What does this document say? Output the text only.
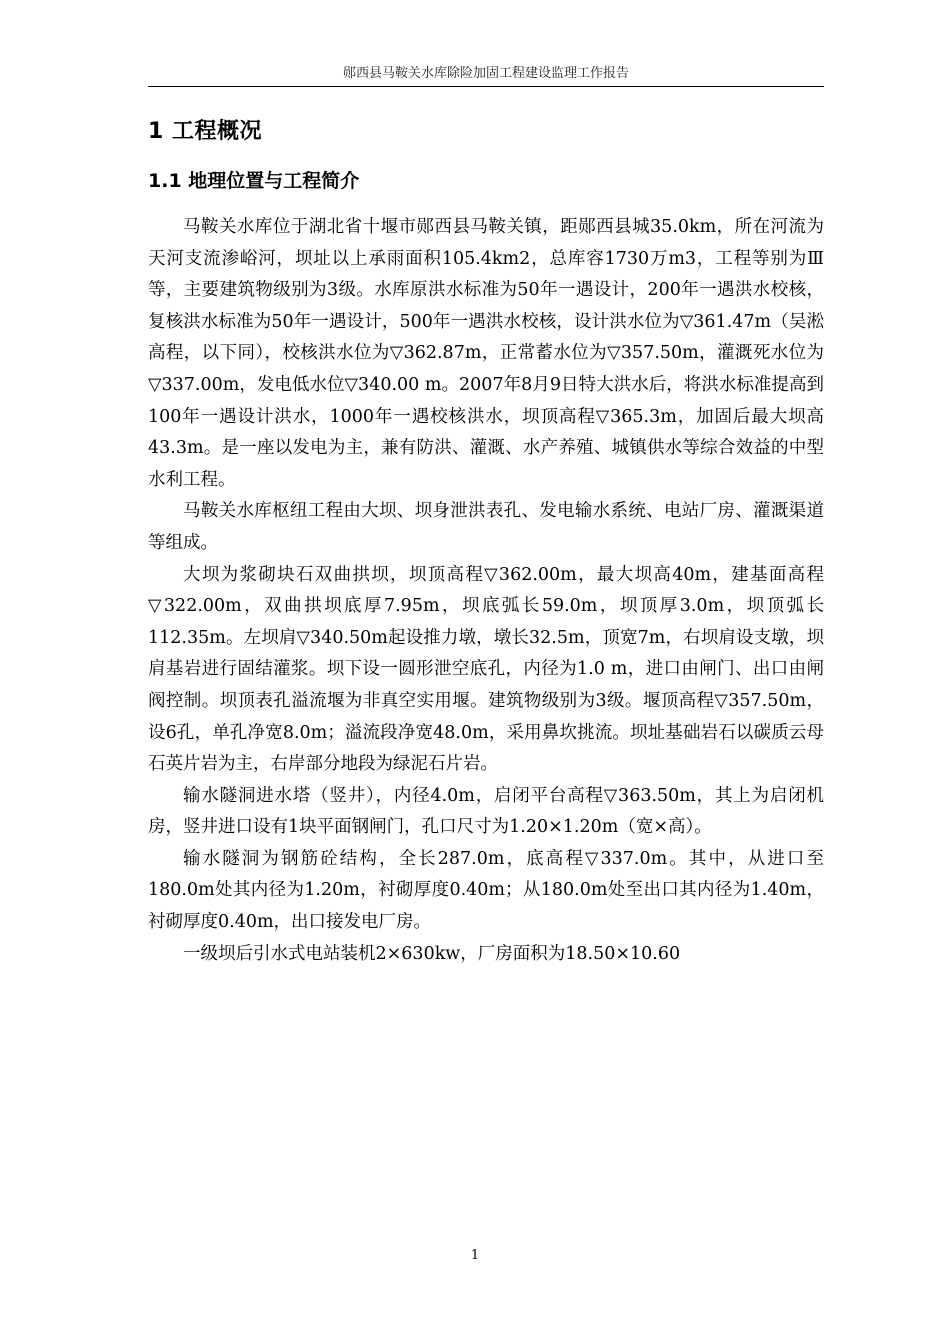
郧西县马鞍关水库除险加固工程建设监理工作报告
1 工程概况
1.1 地理位置与工程简介

马鞍关水库位于湖北省十堰市郧西县马鞍关镇，距郧西县城35.0km，所在河流为天河支流渗峪河，坝址以上承雨面积105.4km2，总库容1730万m3，工程等别为Ⅲ等，主要建筑物级别为3级。水库原洪水标准为50年一遇设计，200年一遇洪水校核，复核洪水标准为50年一遇设计，500年一遇洪水校核，设计洪水位为▽361.47m（吴淞高程，以下同），校核洪水位为▽362.87m，正常蓄水位为▽357.50m，灌溉死水位为▽337.00m，发电低水位▽340.00 m。2007年8月9日特大洪水后，将洪水标准提高到100年一遇设计洪水，1000年一遇校核洪水，坝顶高程▽365.3m，加固后最大坝高43.3m。是一座以发电为主，兼有防洪、灌溉、水产养殖、城镇供水等综合效益的中型水利工程。

马鞍关水库枢纽工程由大坝、坝身泄洪表孔、发电输水系统、电站厂房、灌溉渠道等组成。

大坝为浆砌块石双曲拱坝，坝顶高程▽362.00m，最大坝高40m，建基面高程▽322.00m，双曲拱坝底厚7.95m，坝底弧长59.0m，坝顶厚3.0m，坝顶弧长112.35m。左坝肩▽340.50m起设推力墩，墩长32.5m，顶宽7m，右坝肩设支墩，坝肩基岩进行固结灌浆。坝下设一圆形泄空底孔，内径为1.0 m，进口由闸门、出口由闸阀控制。坝顶表孔溢流堰为非真空实用堰。建筑物级别为3级。堰顶高程▽357.50m，设6孔，单孔净宽8.0m；溢流段净宽48.0m，采用鼻坎挑流。坝址基础岩石以碳质云母石英片岩为主，右岸部分地段为绿泥石片岩。

输水隧洞进水塔（竖井），内径4.0m，启闭平台高程▽363.50m，其上为启闭机房，竖井进口设有1块平面钢闸门，孔口尺寸为1.20×1.20m（宽×高）。

输水隧洞为钢筋砼结构，全长287.0m，底高程▽337.0m。其中，从进口至180.0m处其内径为1.20m，衬砌厚度0.40m；从180.0m处至出口其内径为1.40m，衬砌厚度0.40m，出口接发电厂房。

一级坝后引水式电站装机2×630kw，厂房面积为18.50×10.60

1
